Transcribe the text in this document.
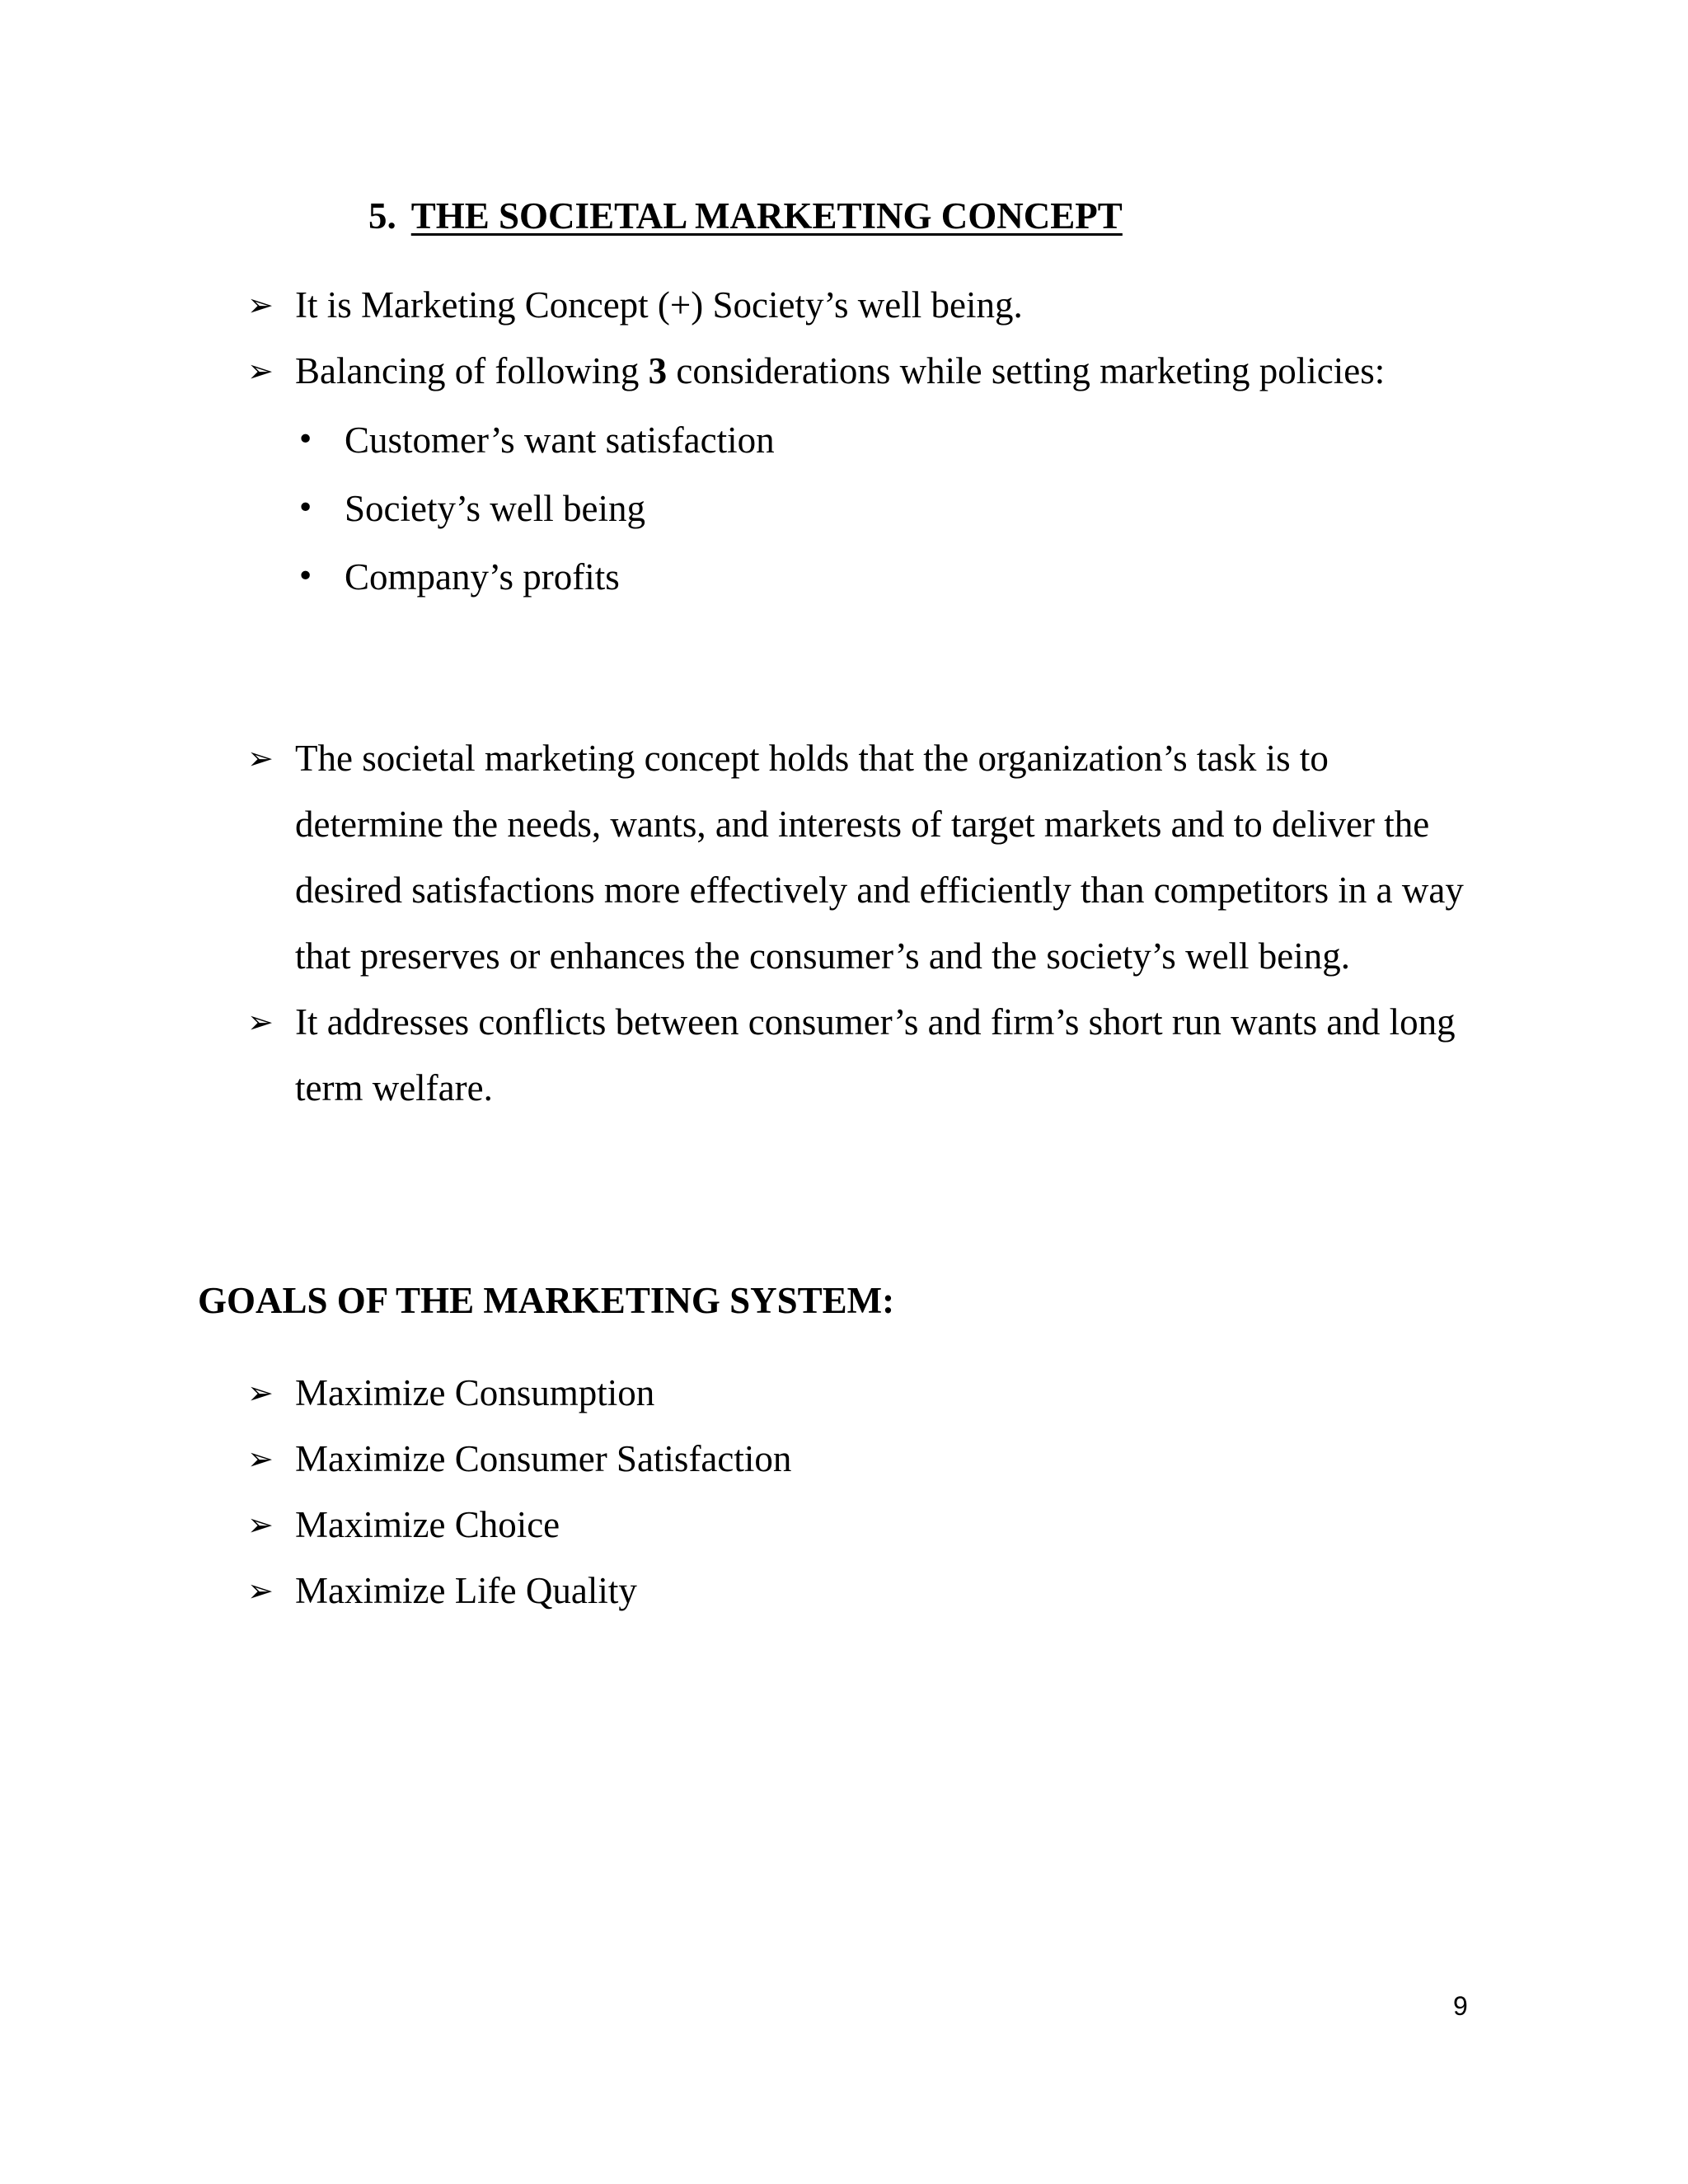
5. THE SOCIETAL MARKETING CONCEPT
➢ It is Marketing Concept (+) Society’s well being.
➢ Balancing of following 3 considerations while setting marketing policies:
• Customer’s want satisfaction
• Society’s well being
• Company’s profits
➢ The societal marketing concept holds that the organization’s task is to determine the needs, wants, and interests of target markets and to deliver the desired satisfactions more effectively and efficiently than competitors in a way that preserves or enhances the consumer’s and the society’s well being.
➢ It addresses conflicts between consumer’s and firm’s short run wants and long term welfare.
GOALS OF THE MARKETING SYSTEM:
➢ Maximize Consumption
➢ Maximize Consumer Satisfaction
➢ Maximize Choice
➢ Maximize Life Quality
9
